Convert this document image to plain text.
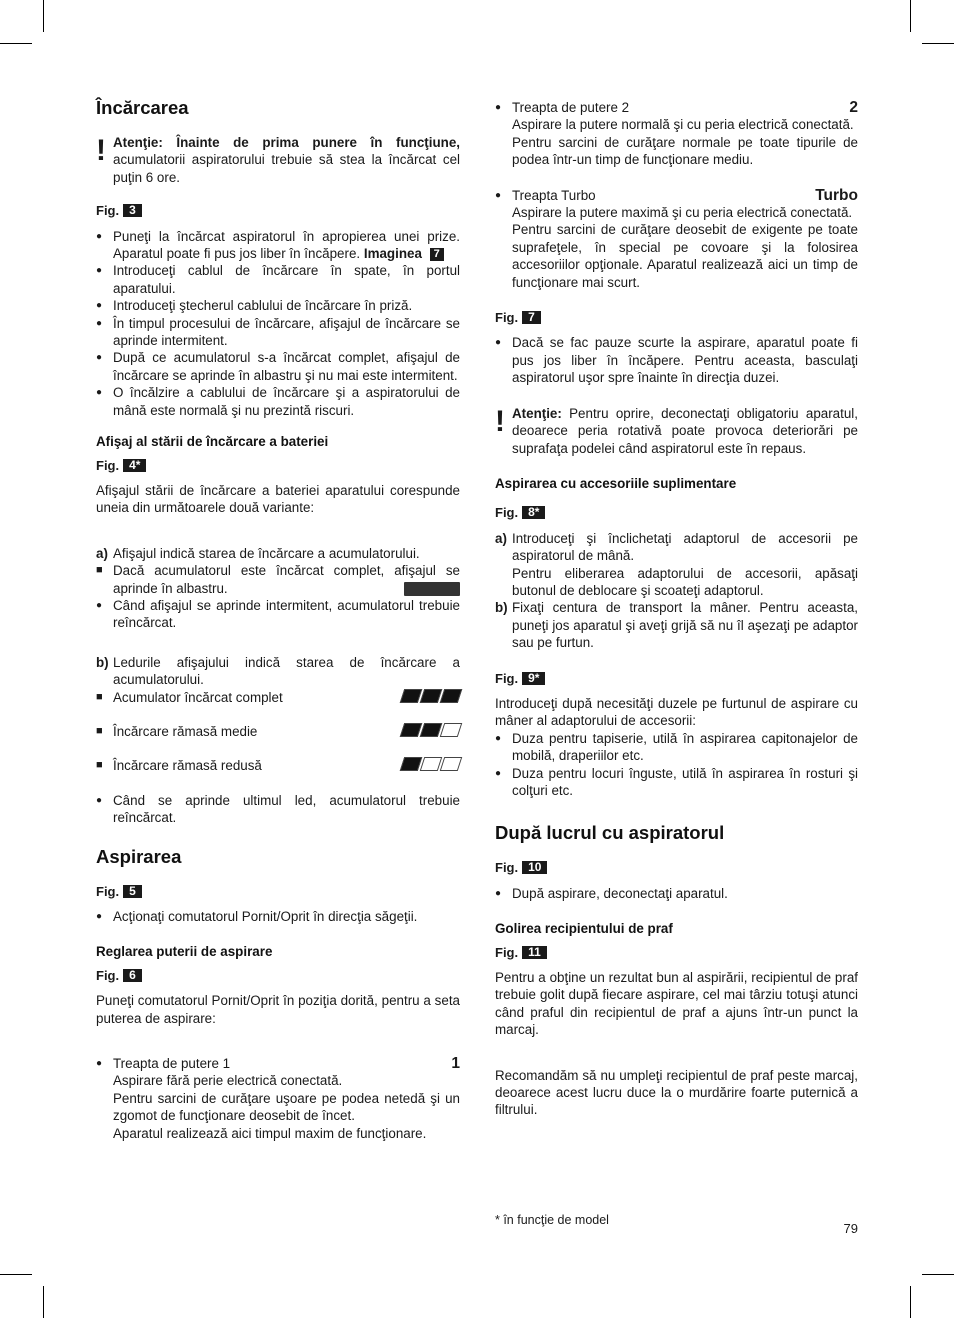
Încărcarea
! Atenţie: Înainte de prima punere în funcţiune, acumulatorii aspiratorului trebuie să stea la încărcat cel puţin 6 ore.
Fig. 3
● Puneţi la încărcat aspiratorul în apropierea unei prize. Aparatul poate fi pus jos liber în încăpere. Imaginea 7
● Introduceţi cablul de încărcare în spate, în portul aparatului.
● Introduceţi ştecherul cablului de încărcare în priză.
● În timpul procesului de încărcare, afişajul de încărcare se aprinde intermitent.
● După ce acumulatorul s-a încărcat complet, afişajul de încărcare se aprinde în albastru şi nu mai este intermitent.
● O încălzire a cablului de încărcare şi a aspiratorului de mână este normală şi nu prezintă riscuri.
Afişaj al stării de încărcare a bateriei
Fig. 4*

Afişajul stării de încărcare a bateriei aparatului corespunde uneia din următoarele două variante:

a) Afişajul indică starea de încărcare a acumulatorului.
■ Dacă acumulatorul este încărcat complet, afişajul se aprinde în albastru.
● Când afişajul se aprinde intermitent, acumulatorul trebuie reîncărcat.
b) Ledurile afişajului indică starea de încărcare a acumulatorului.
■ Acumulator încărcat complet
■ Încărcare rămasă medie
■ Încărcare rămasă redusă
● Când se aprinde ultimul led, acumulatorul trebuie reîncărcat.
Aspirarea
Fig. 5
● Acţionaţi comutatorul Pornit/Oprit în direcţia săgeţii.
Reglarea puterii de aspirare
Fig. 6

Puneţi comutatorul Pornit/Oprit în poziţia dorită, pentru a seta puterea de aspirare:

● 1
Treapta de putere 1
Aspirare fără perie electrică conectată.
Pentru sarcini de curăţare uşoare pe podea netedă şi un zgomot de funcţionare deosebit de încet.
Aparatul realizează aici timpul maxim de funcţionare.
● 2
Treapta de putere 2
Aspirare la putere normală şi cu peria electrică conectată.
Pentru sarcini de curăţare normale pe toate tipurile de podea într-un timp de funcţionare mediu.
● Turbo
Treapta Turbo
Aspirare la putere maximă şi cu peria electrică conectată.
Pentru sarcini de curăţare deosebit de exigente pe toate suprafeţele, în special pe covoare şi la folosirea accesoriilor opţionale. Aparatul realizează aici un timp de funcţionare mai scurt.
Fig. 7
● Dacă se fac pauze scurte la aspirare, aparatul poate fi pus jos liber în încăpere. Pentru aceasta, basculaţi aspiratorul uşor spre înainte în direcţia duzei.
! Atenţie: Pentru oprire, deconectaţi obligatoriu aparatul, deoarece peria rotativă poate provoca deteriorări pe suprafaţa podelei când aspiratorul este în repaus.
Aspirarea cu accesoriile suplimentare
Fig. 8*
a) Introduceţi şi înclichetaţi adaptorul de accesorii pe aspiratorul de mână.
Pentru eliberarea adaptorului de accesorii, apăsaţi butonul de deblocare şi scoateţi adaptorul.
b) Fixaţi centura de transport la mâner. Pentru aceasta, puneţi jos aparatul şi aveţi grijă să nu îl aşezaţi pe adaptor sau pe furtun.
Fig. 9*

Introduceţi după necesităţi duzele pe furtunul de aspirare cu mâner al adaptorului de accesorii:

● Duza pentru tapiserie, utilă în aspirarea capitonajelor de mobilă, draperiilor etc.
● Duza pentru locuri înguste, utilă în aspirarea în rosturi şi colţuri etc.
După lucrul cu aspiratorul
Fig. 10
● După aspirare, deconectaţi aparatul.
Golirea recipientului de praf
Fig. 11

Pentru a obţine un rezultat bun al aspirării, recipientul de praf trebuie golit după fiecare aspirare, cel mai târziu totuşi atunci când praful din recipientul de praf a ajuns într-un punct la marcaj.

Recomandăm să nu umpleţi recipientul de praf peste marcaj, deoarece acest lucru duce la o murdărire foarte puternică a filtrului.

* în funcţie de model
79
